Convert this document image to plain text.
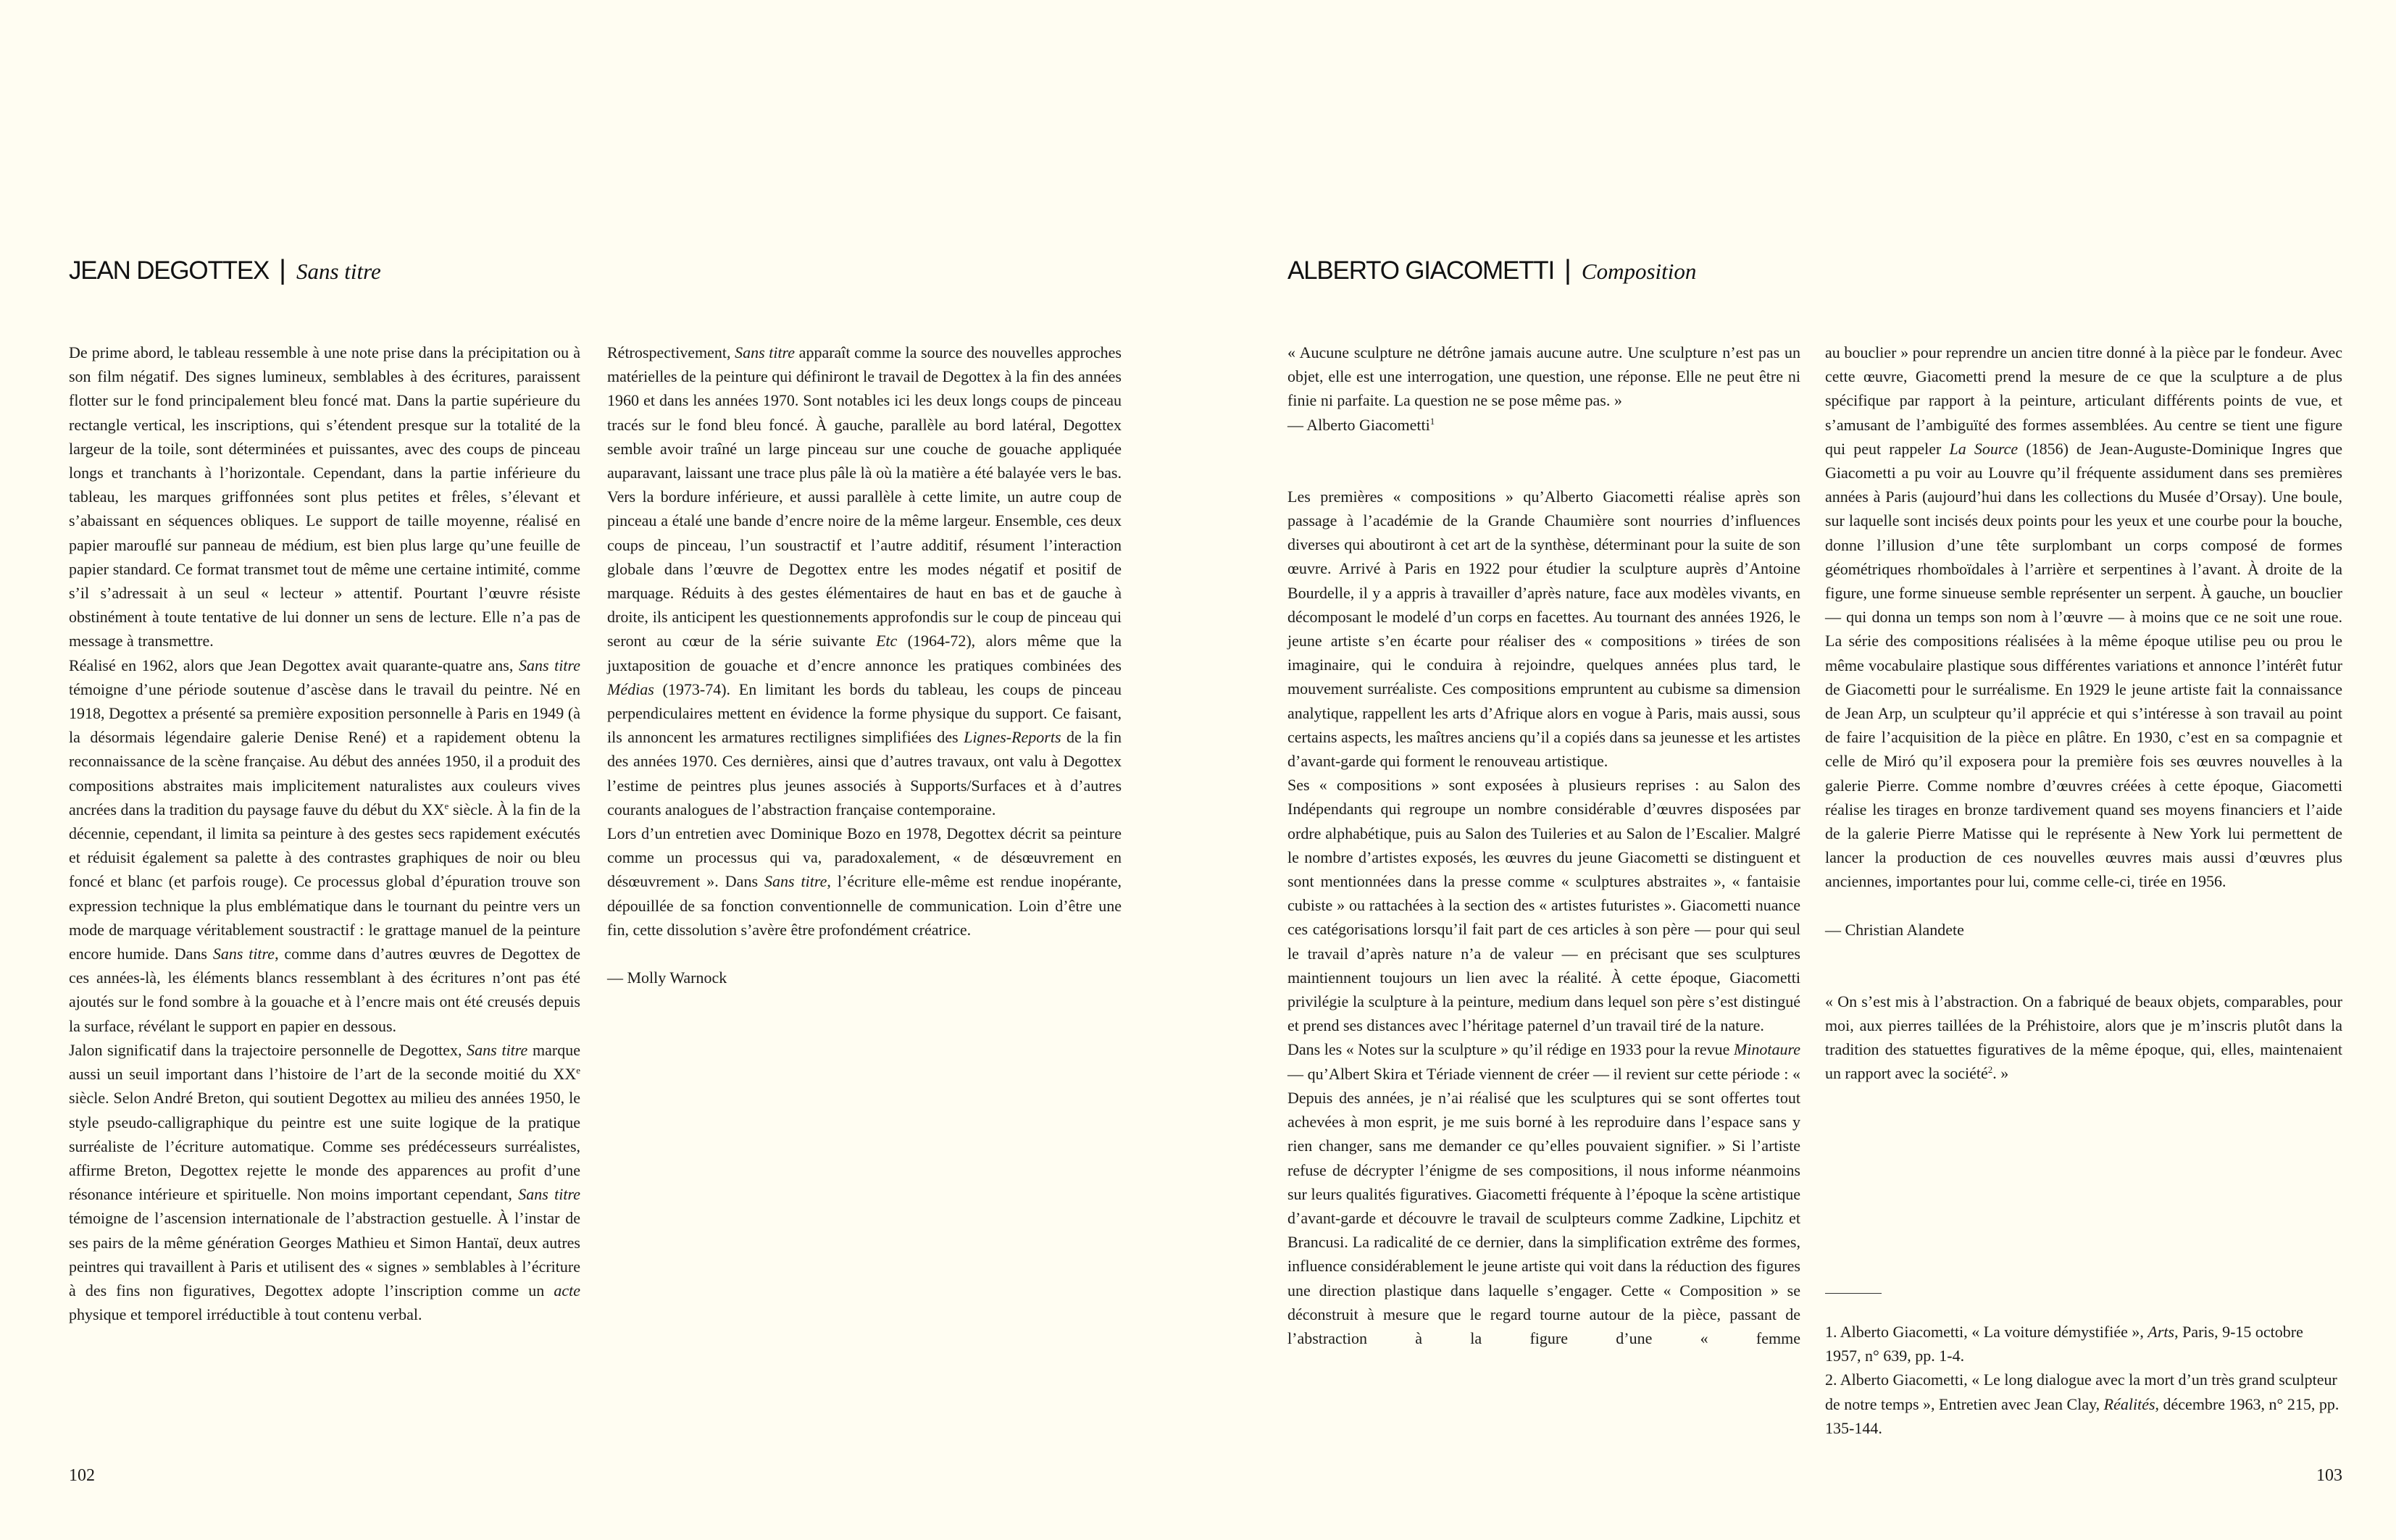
JEAN DEGOTTEX | Sans titre	ALBERTO GIACOMETTI | Composition

De prime abord, le tableau ressemble à une note prise dans la précipitation ou à son film négatif. Des signes lumineux, semblables à des écritures, paraissent flotter sur le fond principalement bleu foncé mat. Dans la partie supérieure du rectangle vertical, les inscriptions, qui s’étendent presque sur la totalité de la largeur de la toile, sont déterminées et puissantes, avec des coups de pinceau longs et tranchants à l’horizontale. Cependant, dans la partie inférieure du tableau, les marques griffonnées sont plus petites et frêles, s’élevant et s’abaissant en séquences obliques. Le support de taille moyenne, réalisé en papier marouflé sur panneau de médium, est bien plus large qu’une feuille de papier standard. Ce format transmet tout de même une certaine intimité, comme s’il s’adressait à un seul « lecteur » attentif. Pourtant l’œuvre résiste obstinément à toute tentative de lui donner un sens de lecture. Elle n’a pas de message à transmettre.

Réalisé en 1962, alors que Jean Degottex avait quarante-quatre ans, Sans titre témoigne d’une période soutenue d’ascèse dans le travail du peintre. Né en 1918, Degottex a présenté sa première exposition personnelle à Paris en 1949 (à la désormais légendaire galerie Denise René) et a rapidement obtenu la reconnaissance de la scène française. Au début des années 1950, il a produit des compositions abstraites mais implicitement naturalistes aux couleurs vives ancrées dans la tradition du paysage fauve du début du XXe siècle. À la fin de la décennie, cependant, il limita sa peinture à des gestes secs rapidement exécutés et réduisit également sa palette à des contrastes graphiques de noir ou bleu foncé et blanc (et parfois rouge). Ce processus global d’épuration trouve son expression technique la plus emblématique dans le tournant du peintre vers un mode de marquage véritablement soustractif : le grattage manuel de la peinture encore humide. Dans Sans titre, comme dans d’autres œuvres de Degottex de ces années-là, les éléments blancs ressemblant à des écritures n’ont pas été ajoutés sur le fond sombre à la gouache et à l’encre mais ont été creusés depuis la surface, révélant le support en papier en dessous.

Jalon significatif dans la trajectoire personnelle de Degottex, Sans titre marque aussi un seuil important dans l’histoire de l’art de la seconde moitié du XXe siècle. Selon André Breton, qui soutient Degottex au milieu des années 1950, le style pseudo-calligraphique du peintre est une suite logique de la pratique surréaliste de l’écriture automatique. Comme ses prédécesseurs surréalistes, affirme Breton, Degottex rejette le monde des apparences au profit d’une résonance intérieure et spirituelle. Non moins important cependant, Sans titre témoigne de l’ascension internationale de l’abstraction gestuelle. À l’instar de ses pairs de la même génération Georges Mathieu et Simon Hantaï, deux autres peintres qui travaillent à Paris et utilisent des « signes » semblables à l’écriture à des fins non figuratives, Degottex adopte l’inscription comme un acte physique et temporel irréductible à tout contenu verbal.

Rétrospectivement, Sans titre apparaît comme la source des nouvelles approches matérielles de la peinture qui définiront le travail de Degottex à la fin des années 1960 et dans les années 1970. Sont notables ici les deux longs coups de pinceau tracés sur le fond bleu foncé. À gauche, parallèle au bord latéral, Degottex semble avoir traîné un large pinceau sur une couche de gouache appliquée auparavant, laissant une trace plus pâle là où la matière a été balayée vers le bas. Vers la bordure inférieure, et aussi parallèle à cette limite, un autre coup de pinceau a étalé une bande d’encre noire de la même largeur. Ensemble, ces deux coups de pinceau, l’un soustractif et l’autre additif, résument l’interaction globale dans l’œuvre de Degottex entre les modes négatif et positif de marquage. Réduits à des gestes élémentaires de haut en bas et de gauche à droite, ils anticipent les questionnements approfondis sur le coup de pinceau qui seront au cœur de la série suivante Etc (1964-72), alors même que la juxtaposition de gouache et d’encre annonce les pratiques combinées des Médias (1973-74). En limitant les bords du tableau, les coups de pinceau perpendiculaires mettent en évidence la forme physique du support. Ce faisant, ils annoncent les armatures rectilignes simplifiées des Lignes-Reports de la fin des années 1970. Ces dernières, ainsi que d’autres travaux, ont valu à Degottex l’estime de peintres plus jeunes associés à Supports/Surfaces et à d’autres courants analogues de l’abstraction française contemporaine.

Lors d’un entretien avec Dominique Bozo en 1978, Degottex décrit sa peinture comme un processus qui va, paradoxalement, « de désœuvrement en désœuvrement ». Dans Sans titre, l’écriture elle-même est rendue inopérante, dépouillée de sa fonction conventionnelle de communication. Loin d’être une fin, cette dissolution s’avère être profondément créatrice.

— Molly Warnock

« Aucune sculpture ne détrône jamais aucune autre. Une sculpture n’est pas un objet, elle est une interrogation, une question, une réponse. Elle ne peut être ni finie ni parfaite. La question ne se pose même pas. »

— Alberto Giacometti$^1$

Les premières « compositions » qu’Alberto Giacometti réalise après son passage à l’académie de la Grande Chaumière sont nourries d’influences diverses qui aboutiront à cet art de la synthèse, déterminant pour la suite de son œuvre. Arrivé à Paris en 1922 pour étudier la sculpture auprès d’Antoine Bourdelle, il y a appris à travailler d’après nature, face aux modèles vivants, en décomposant le modelé d’un corps en facettes. Au tournant des années 1926, le jeune artiste s’en écarte pour réaliser des « compositions » tirées de son imaginaire, qui le conduira à rejoindre, quelques années plus tard, le mouvement surréaliste. Ces compositions empruntent au cubisme sa dimension analytique, rappellent les arts d’Afrique alors en vogue à Paris, mais aussi, sous certains aspects, les maîtres anciens qu’il a copiés dans sa jeunesse et les artistes d’avant-garde qui forment le renouveau artistique.

Ses « compositions » sont exposées à plusieurs reprises : au Salon des Indépendants qui regroupe un nombre considérable d’œuvres disposées par ordre alphabétique, puis au Salon des Tuileries et au Salon de l’Escalier. Malgré le nombre d’artistes exposés, les œuvres du jeune Giacometti se distinguent et sont mentionnées dans la presse comme « sculptures abstraites », « fantaisie cubiste » ou rattachées à la section des « artistes futuristes ». Giacometti nuance ces catégorisations lorsqu’il fait part de ces articles à son père — pour qui seul le travail d’après nature n’a de valeur — en précisant que ses sculptures maintiennent toujours un lien avec la réalité. À cette époque, Giacometti privilégie la sculpture à la peinture, medium dans lequel son père s’est distingué et prend ses distances avec l’héritage paternel d’un travail tiré de la nature.

Dans les « Notes sur la sculpture » qu’il rédige en 1933 pour la revue Minotaure — qu’Albert Skira et Tériade viennent de créer — il revient sur cette période : « Depuis des années, je n’ai réalisé que les sculptures qui se sont offertes tout achevées à mon esprit, je me suis borné à les reproduire dans l’espace sans y rien changer, sans me demander ce qu’elles pouvaient signifier. » Si l’artiste refuse de décrypter l’énigme de ses compositions, il nous informe néanmoins sur leurs qualités figuratives. Giacometti fréquente à l’époque la scène artistique d’avant-garde et découvre le travail de sculpteurs comme Zadkine, Lipchitz et Brancusi. La radicalité de ce dernier, dans la simplification extrême des formes, influence considérablement le jeune artiste qui voit dans la réduction des figures une direction plastique dans laquelle s’engager. Cette « Composition » se déconstruit à mesure que le regard tourne autour de la pièce, passant de l’abstraction à la figure d’une « femme

au bouclier » pour reprendre un ancien titre donné à la pièce par le fondeur. Avec cette œuvre, Giacometti prend la mesure de ce que la sculpture a de plus spécifique par rapport à la peinture, articulant différents points de vue, et s’amusant de l’ambiguïté des formes assemblées. Au centre se tient une figure qui peut rappeler La Source (1856) de Jean-Auguste-Dominique Ingres que Giacometti a pu voir au Louvre qu’il fréquente assidument dans ses premières années à Paris (aujourd’hui dans les collections du Musée d’Orsay). Une boule, sur laquelle sont incisés deux points pour les yeux et une courbe pour la bouche, donne l’illusion d’une tête surplombant un corps composé de formes géométriques rhomboïdales à l’arrière et serpentines à l’avant. À droite de la figure, une forme sinueuse semble représenter un serpent. À gauche, un bouclier — qui donna un temps son nom à l’œuvre — à moins que ce ne soit une roue. La série des compositions réalisées à la même époque utilise peu ou prou le même vocabulaire plastique sous différentes variations et annonce l’intérêt futur de Giacometti pour le surréalisme. En 1929 le jeune artiste fait la connaissance de Jean Arp, un sculpteur qu’il apprécie et qui s’intéresse à son travail au point de faire l’acquisition de la pièce en plâtre. En 1930, c’est en sa compagnie et celle de Miró qu’il exposera pour la première fois ses œuvres nouvelles à la galerie Pierre. Comme nombre d’œuvres créées à cette époque, Giacometti réalise les tirages en bronze tardivement quand ses moyens financiers et l’aide de la galerie Pierre Matisse qui le représente à New York lui permettent de lancer la production de ces nouvelles œuvres mais aussi d’œuvres plus anciennes, importantes pour lui, comme celle-ci, tirée en 1956.

— Christian Alandete

« On s’est mis à l’abstraction. On a fabriqué de beaux objets, comparables, pour moi, aux pierres taillées de la Préhistoire, alors que je m’inscris plutôt dans la tradition des statuettes figuratives de la même époque, qui, elles, maintenaient un rapport avec la société$^2$. »

1. Alberto Giacometti, « La voiture démystifiée », Arts, Paris, 9-15 octobre 1957, n° 639, pp. 1-4.

2. Alberto Giacometti, « Le long dialogue avec la mort d’un très grand sculpteur de notre temps », Entretien avec Jean Clay, Réalités, décembre 1963, n° 215, pp. 135-144.

102	103
